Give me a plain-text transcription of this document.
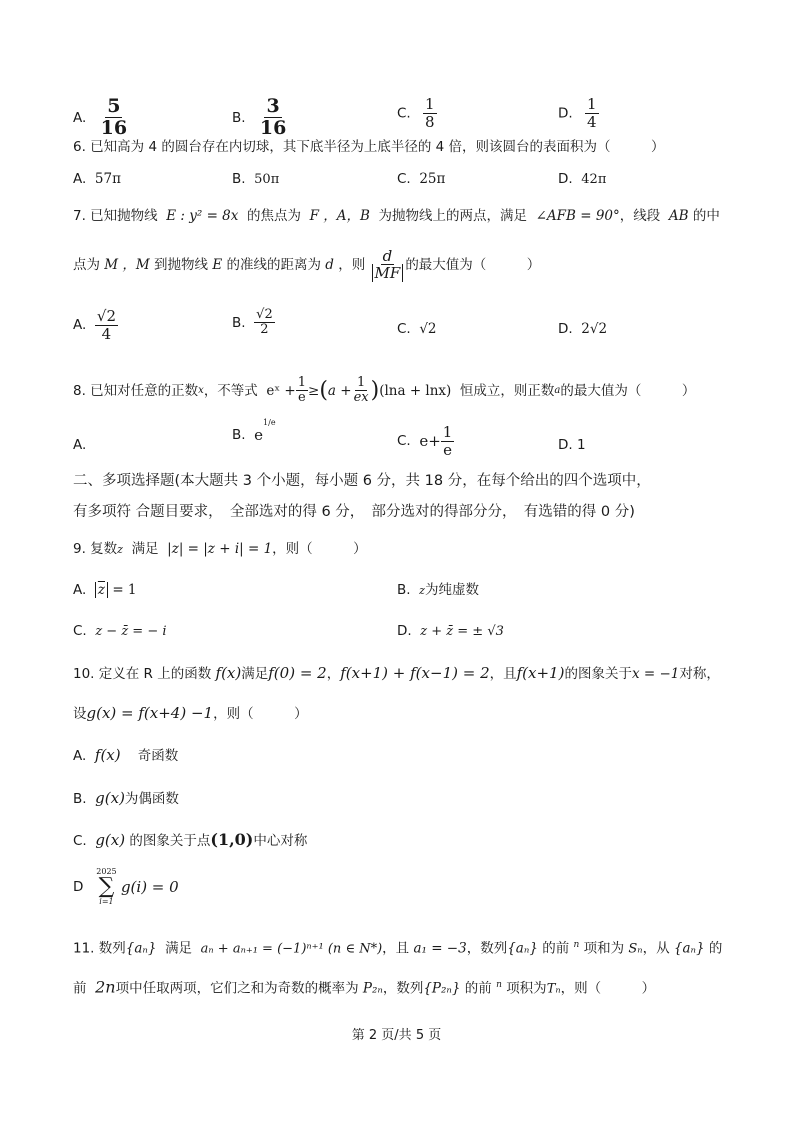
A. $\frac{5}{16}$	B. $\frac{3}{16}$	C. $\frac{1}{8}$	D. $\frac{1}{4}$
6. 已知高为 4 的圆台存在内切球，其下底半径为上底半径的 4 倍，则该圆台的表面积为（　　　）
A. 57π	B. 50π	C. 25π	D. 42π
7. 已知抛物线 E : y² = 8x 的焦点为 F ，A，B 为抛物线上的两点，满足 ∠AFB = 90°，线段 AB 的中
点为
M ，M
到抛物线
E
的准线的距离为
d
，则
$\frac{d}{MF}$ 的最大值为（　　　）
A.
$\frac{√2}{4}$	B.
$\frac{√2}{2}$	C. √2	D. 2√2
8. 已知对任意的正数 x ，不等式
eˣ + $\frac{1}{e}$ ≥ ( $a + \frac{1}{ex}$ ) (lna + lnx)
恒成立，则正数 a 的最大值为（　　　）
A.
B.
e
$^{1/e}$
C.
$e+ \frac{1}{e}$	D. 1
二、多项选择题(本大题共 3 个小题，每小题 6 分，共 18 分，在每个给出的四个选项中，
有多项符 合题目要求，　全部选对的得 6 分，　部分选对的得部分分，　有选错的得 0 分)
9. 复数z 满足 |z| = |z + i| = 1，则（　　　）
A. $\overline{z} = 1$	B. z为纯虚数
C. z − z̄ = − i	D. z + z̄ = ± √3
10. 定义在 R 上的函数 f(x)满足f(0) = 2，f(x+1) + f(x−1) = 2，且f(x+1)的图象关于x = −1对称，
设g(x) = f(x+4) −1，则（　　　）
A. f(x) 奇函数
B. g(x)为偶函数
C. g(x) 的图象关于点(1,0)中心对称
D

2025
∑
i=1

g(i) = 0
11. 数列{aₙ} 满足 aₙ + aₙ₊₁ = (−1)ⁿ⁺¹ (n ∈ N*)，且 a₁ = −3，数列{aₙ} 的前 $^n$ 项和为 Sₙ，从 {aₙ} 的
前 2n项中任取两项，它们之和为奇数的概率为 P₂ₙ，数列{P₂ₙ} 的前 $^n$ 项积为Tₙ，则（　　　）
第 2 页/共 5 页
